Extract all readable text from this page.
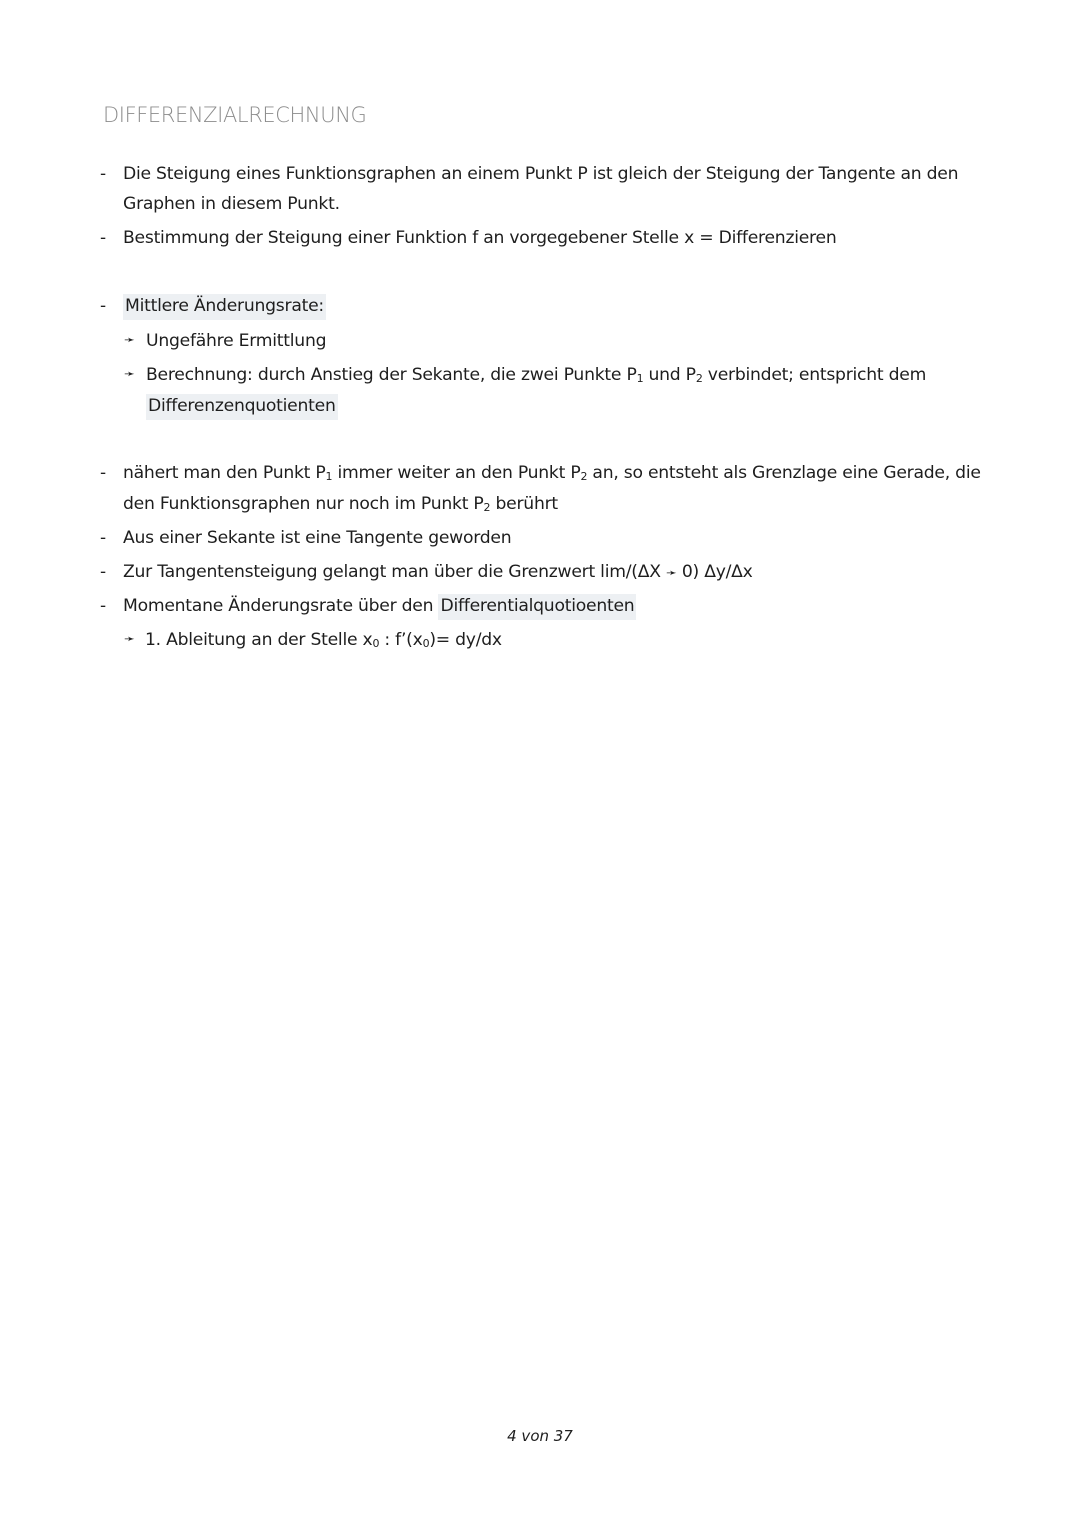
DIFFERENZIALRECHNUNG
- Die Steigung eines Funktionsgraphen an einem Punkt P ist gleich der Steigung der Tangente an den
Graphen in diesem Punkt.
- Bestimmung der Steigung einer Funktion f an vorgegebener Stelle x = Differenzieren
- Mittlere Änderungsrate:
➛ Ungefähre Ermittlung
➛ Berechnung: durch Anstieg der Sekante, die zwei Punkte $P_1$ und $P_2$ verbindet; entspricht dem
Differenzenquotienten
- nähert man den Punkt $P_1$ immer weiter an den Punkt $P_2$ an, so entsteht als Grenzlage eine Gerade, die
den Funktionsgraphen nur noch im Punkt $P_2$ berührt
- Aus einer Sekante ist eine Tangente geworden
- Zur Tangentensteigung gelangt man über die Grenzwert lim/(ΔX ➛ 0) Δy/Δx
- Momentane Änderungsrate über den Differentialquotioenten
➛ 1. Ableitung an der Stelle $x_0$ : $f’(x_0)= dy/dx$
4 von 37
